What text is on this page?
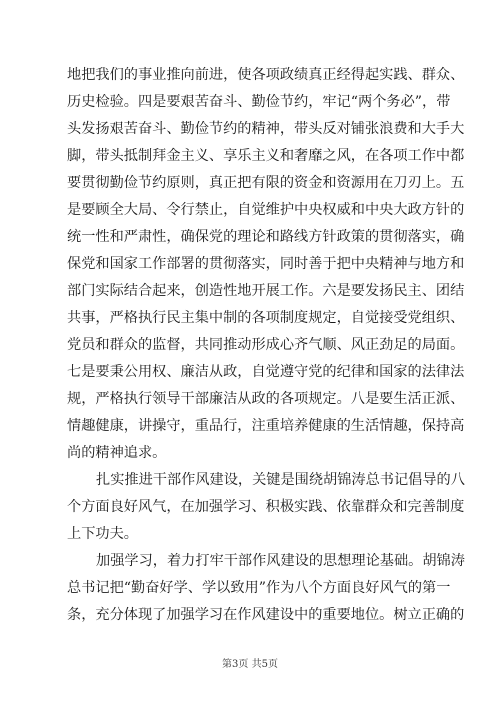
地把我们的事业推向前进，使各项政绩真正经得起实践、群众、
历史检验。四是要艰苦奋斗、勤俭节约，牢记“两个务必”，带
头发扬艰苦奋斗、勤俭节约的精神，带头反对铺张浪费和大手大
脚，带头抵制拜金主义、享乐主义和奢靡之风，在各项工作中都
要贯彻勤俭节约原则，真正把有限的资金和资源用在刀刃上。五
是要顾全大局、令行禁止，自觉维护中央权威和中央大政方针的
统一性和严肃性，确保党的理论和路线方针政策的贯彻落实，确
保党和国家工作部署的贯彻落实，同时善于把中央精神与地方和
部门实际结合起来，创造性地开展工作。六是要发扬民主、团结
共事，严格执行民主集中制的各项制度规定，自觉接受党组织、
党员和群众的监督，共同推动形成心齐气顺、风正劲足的局面。
七是要秉公用权、廉洁从政，自觉遵守党的纪律和国家的法律法
规，严格执行领导干部廉洁从政的各项规定。八是要生活正派、
情趣健康，讲操守，重品行，注重培养健康的生活情趣，保持高
尚的精神追求。
扎实推进干部作风建设，关键是围绕胡锦涛总书记倡导的八
个方面良好风气，在加强学习、积极实践、依靠群众和完善制度
上下功夫。
加强学习，着力打牢干部作风建设的思想理论基础。胡锦涛
总书记把“勤奋好学、学以致用”作为八个方面良好风气的第一
条，充分体现了加强学习在作风建设中的重要地位。树立正确的
第3页 共5页
